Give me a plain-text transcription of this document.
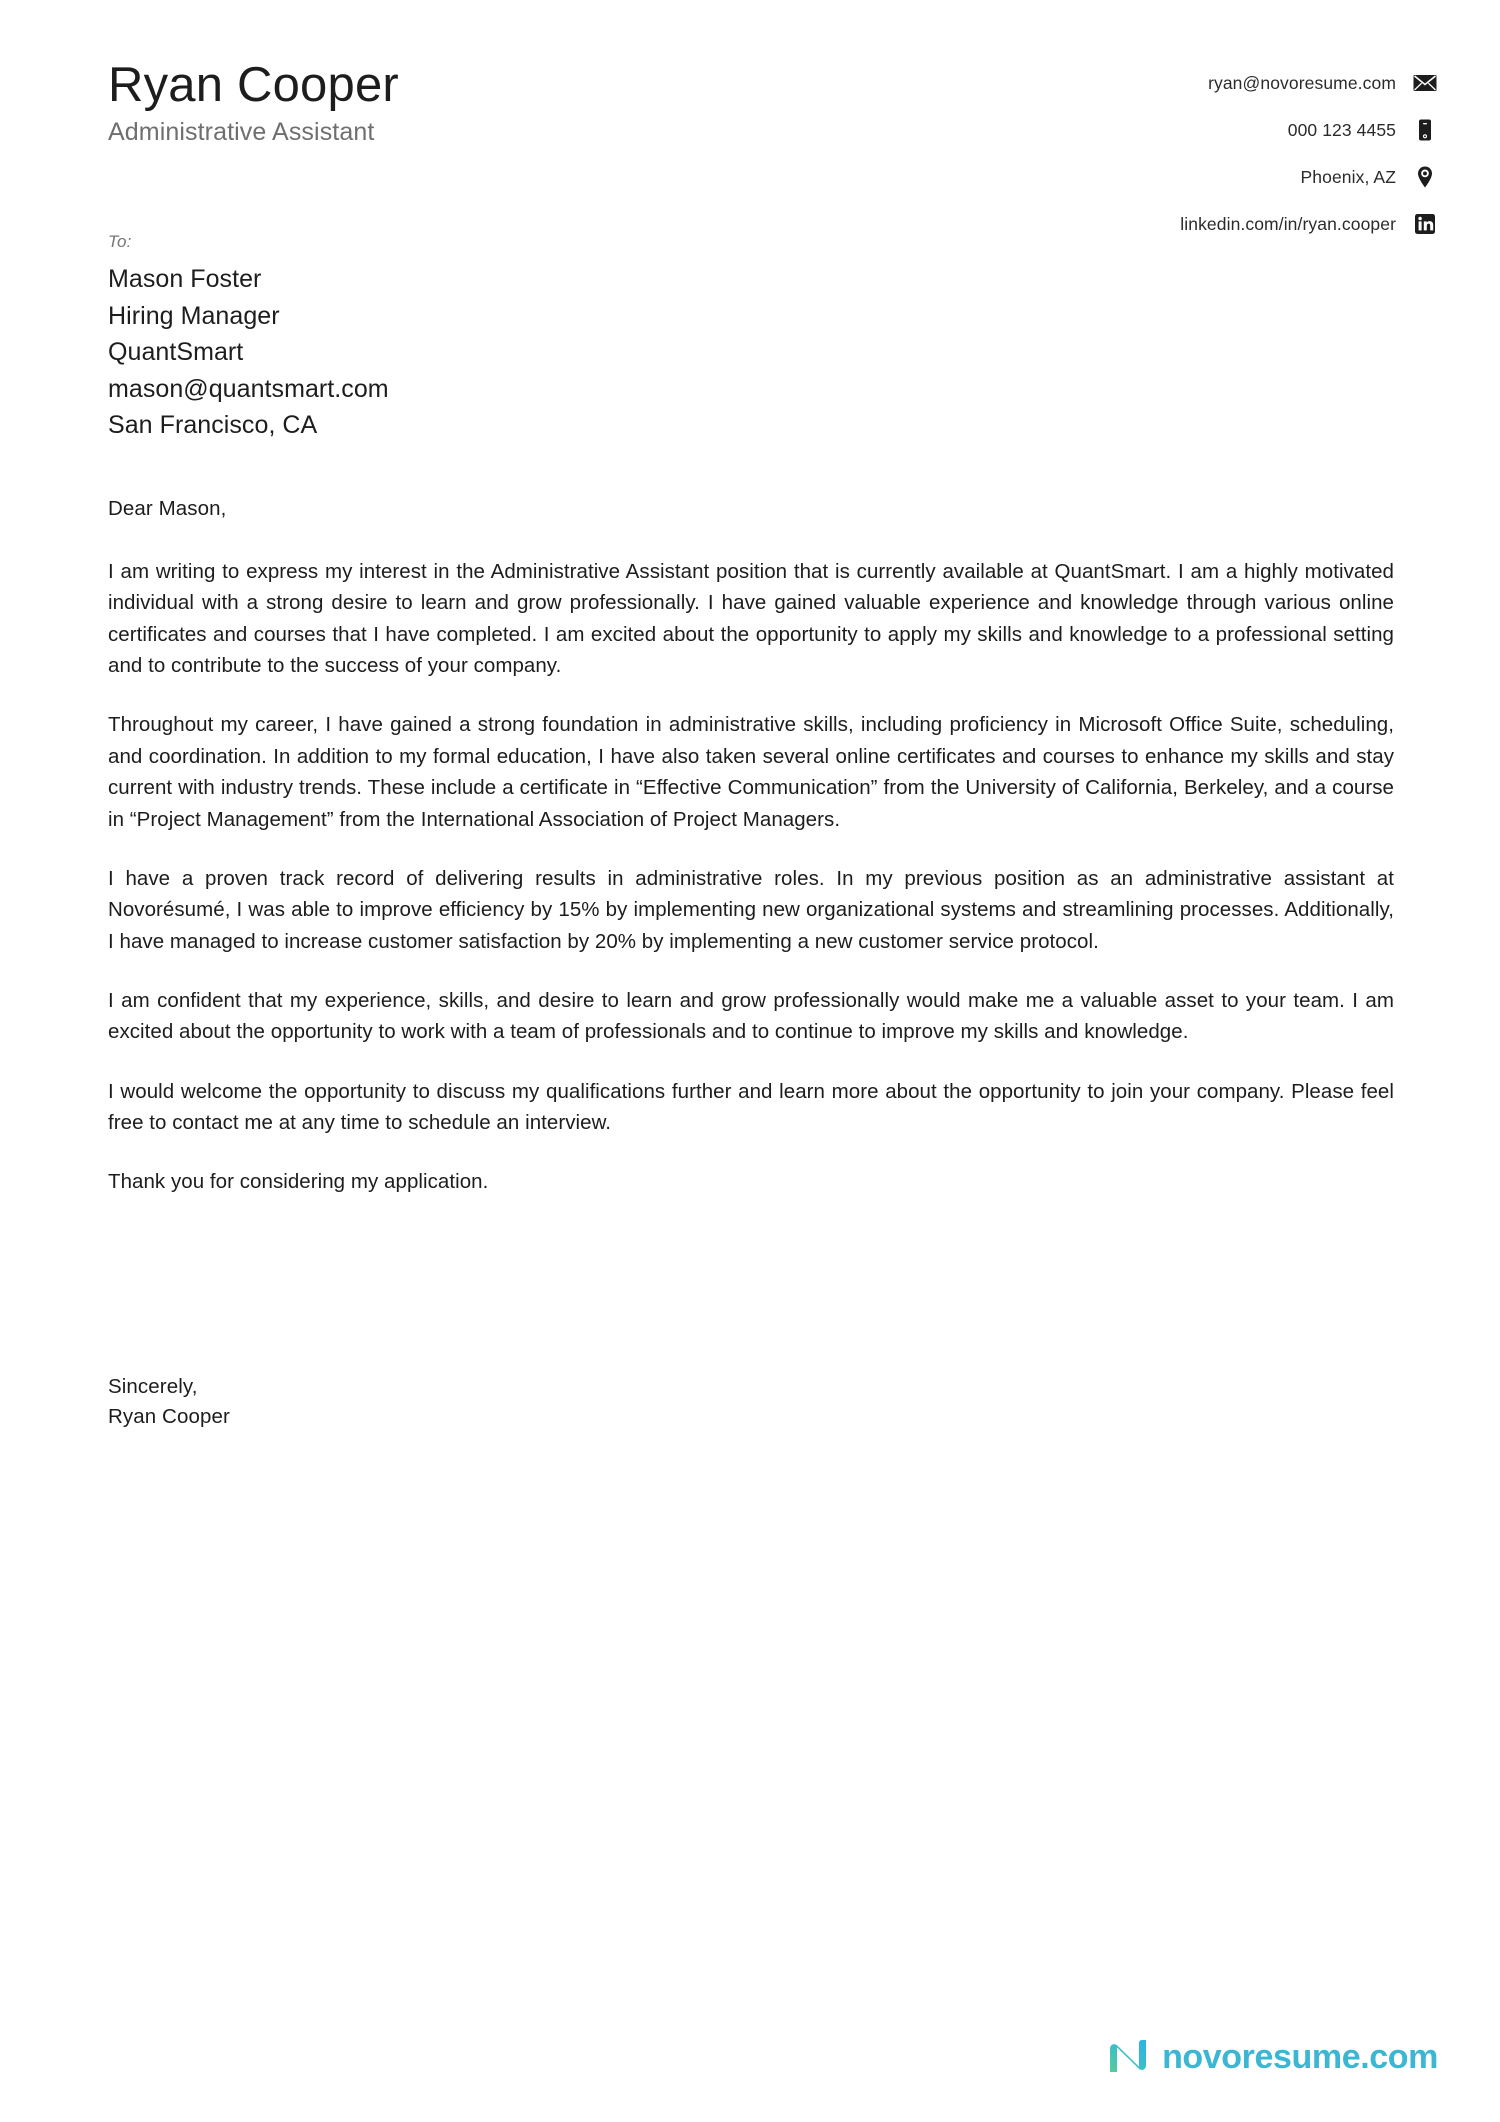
Ryan Cooper
Administrative Assistant
ryan@novoresume.com
000 123 4455
Phoenix, AZ
linkedin.com/in/ryan.cooper
To:
Mason Foster
Hiring Manager
QuantSmart
mason@quantsmart.com
San Francisco, CA
Dear Mason,

I am writing to express my interest in the Administrative Assistant position that is currently available at QuantSmart. I am a highly motivated individual with a strong desire to learn and grow professionally. I have gained valuable experience and knowledge through various online certificates and courses that I have completed. I am excited about the opportunity to apply my skills and knowledge to a professional setting and to contribute to the success of your company.

Throughout my career, I have gained a strong foundation in administrative skills, including proficiency in Microsoft Office Suite, scheduling, and coordination. In addition to my formal education, I have also taken several online certificates and courses to enhance my skills and stay current with industry trends. These include a certificate in “Effective Communication” from the University of California, Berkeley, and a course in “Project Management” from the International Association of Project Managers.

I have a proven track record of delivering results in administrative roles. In my previous position as an administrative assistant at Novorésumé, I was able to improve efficiency by 15% by implementing new organizational systems and streamlining processes. Additionally, I have managed to increase customer satisfaction by 20% by implementing a new customer service protocol.

I am confident that my experience, skills, and desire to learn and grow professionally would make me a valuable asset to your team. I am excited about the opportunity to work with a team of professionals and to continue to improve my skills and knowledge.

I would welcome the opportunity to discuss my qualifications further and learn more about the opportunity to join your company. Please feel free to contact me at any time to schedule an interview.

Thank you for considering my application.

Sincerely,
Ryan Cooper
novoresume.com
